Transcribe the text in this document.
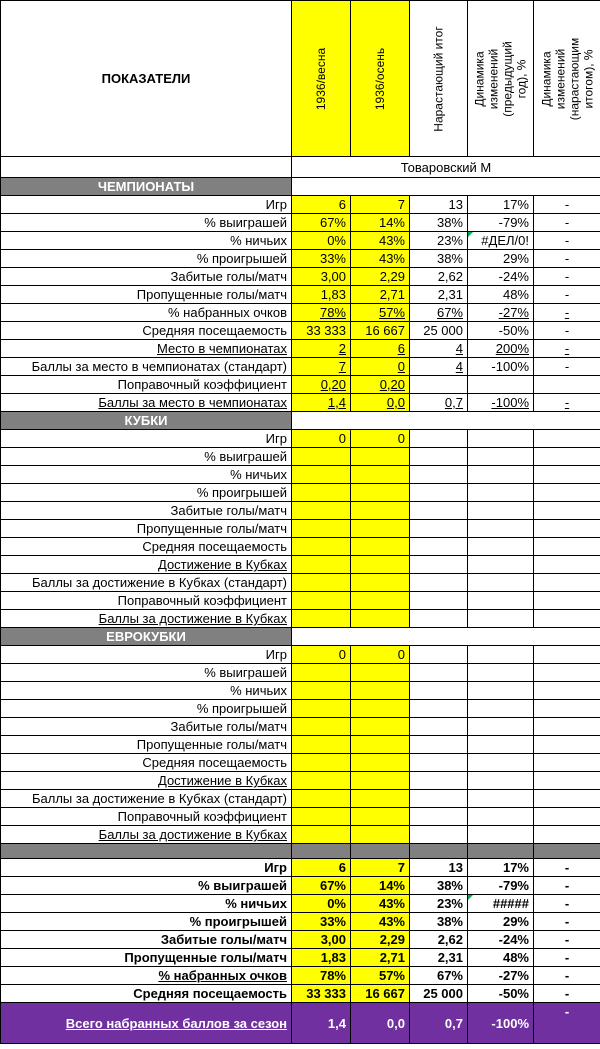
ПОКАЗАТЕЛИ	1936/весна	1936/осень	Нарастающий итог	Динамика изменений (предыдущий год), %	Динамика изменений (нарастающим итогом), %

	Товаровский М				
ЧЕМПИОНАТЫ					
Игр	6	7	13	17%	-
% выиграшей	67%	14%	38%	-79%	-
% ничьих	0%	43%	23%	#ДЕЛ/0!	-
% проигрышей	33%	43%	38%	29%	-
Забитые голы/матч	3,00	2,29	2,62	-24%	-
Пропущенные голы/матч	1,83	2,71	2,31	48%	-
% набранных очков	78%	57%	67%	-27%	-
Средняя посещаемость	33 333	16 667	25 000	-50%	-
Место в чемпионатах	2	6	4	200%	-
Баллы за место в чемпионатах (стандарт)	7	0	4	-100%	-
Поправочный коэффициент	0,20	0,20			
Баллы за место в чемпионатах	1,4	0,0	0,7	-100%	-
КУБКИ					
Игр	0	0			
% выиграшей					
% ничьих					
% проигрышей					
Забитые голы/матч					
Пропущенные голы/матч					
Средняя посещаемость					
Достижение в Кубках					
Баллы за достижение в Кубках (стандарт)					
Поправочный коэффициент					
Баллы за достижение в Кубках					
ЕВРОКУБКИ					
Игр	0	0			
% выиграшей					
% ничьих					
% проигрышей					
Забитые голы/матч					
Пропущенные голы/матч					
Средняя посещаемость					
Достижение в Кубках					
Баллы за достижение в Кубках (стандарт)					
Поправочный коэффициент					
Баллы за достижение в Кубках					

Игр	6	7	13	17%	-
% выиграшей	67%	14%	38%	-79%	-
% ничьих	0%	43%	23%	#####	-
% проигрышей	33%	43%	38%	29%	-
Забитые голы/матч	3,00	2,29	2,62	-24%	-
Пропущенные голы/матч	1,83	2,71	2,31	48%	-
% набранных очков	78%	57%	67%	-27%	-
Средняя посещаемость	33 333	16 667	25 000	-50%	-
Всего набранных баллов за сезон	1,4	0,0	0,7	-100%	-
